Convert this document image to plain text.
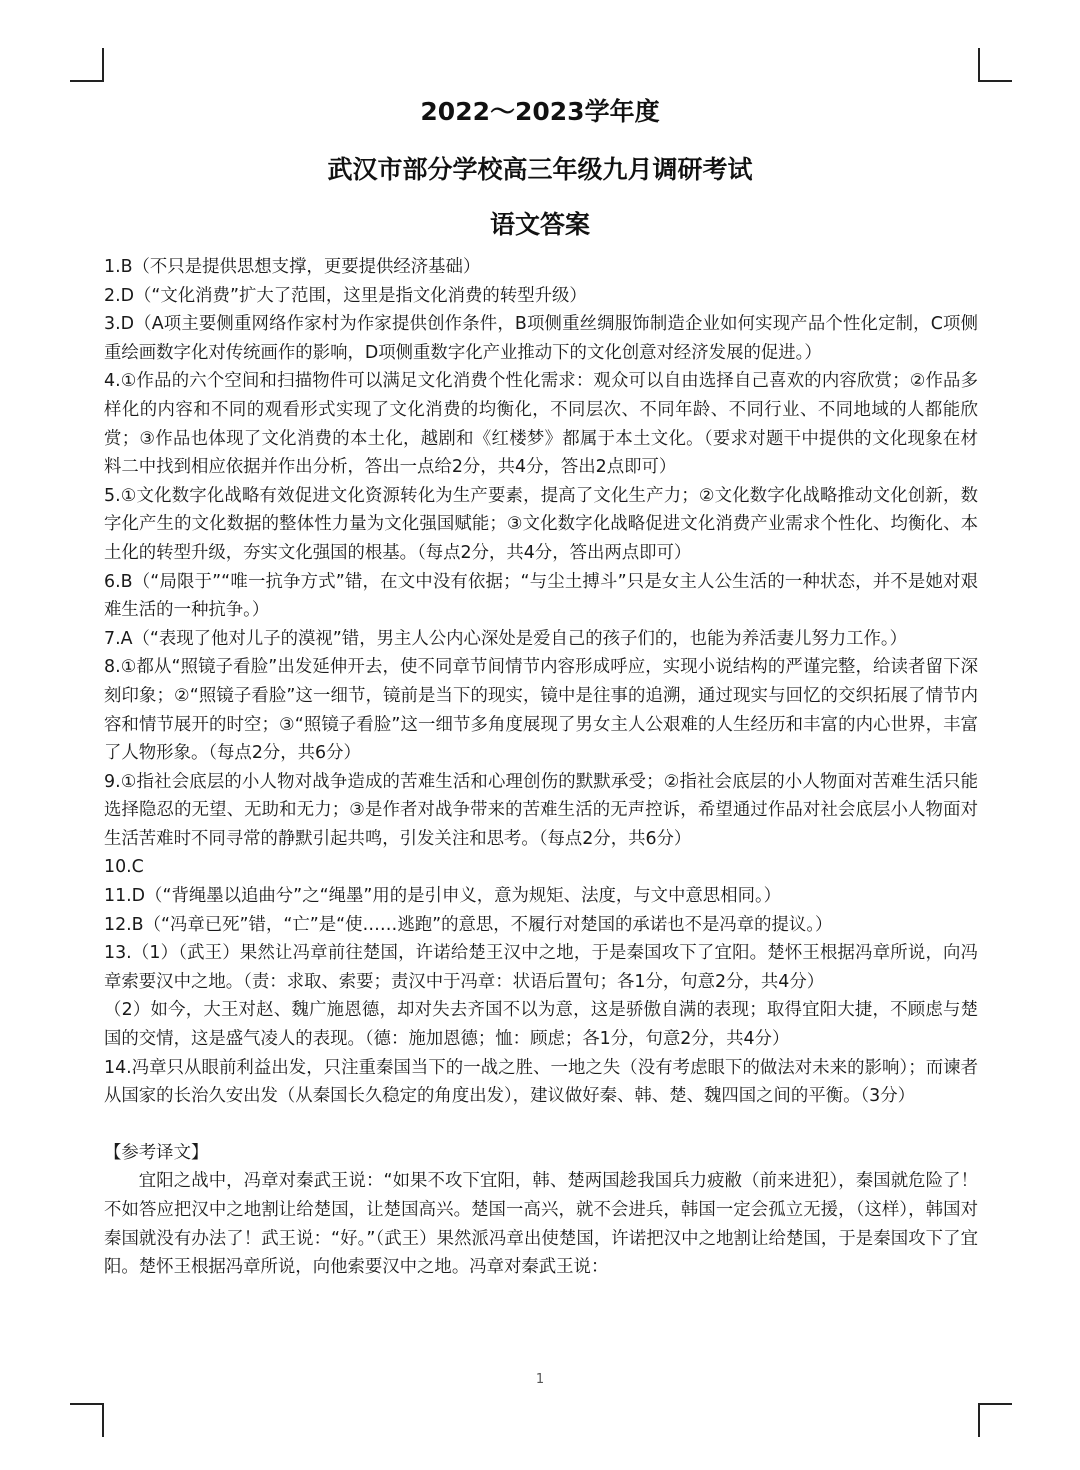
2022～2023学年度
武汉市部分学校高三年级九月调研考试
语文答案

1.B（不只是提供思想支撑，更要提供经济基础）

2.D（“文化消费”扩大了范围，这里是指文化消费的转型升级）

3.D（A项主要侧重网络作家村为作家提供创作条件，B项侧重丝绸服饰制造企业如何实现产品个性化定制，C项侧重绘画数字化对传统画作的影响，D项侧重数字化产业推动下的文化创意对经济发展的促进。）

4.①作品的六个空间和扫描物件可以满足文化消费个性化需求：观众可以自由选择自己喜欢的内容欣赏；②作品多样化的内容和不同的观看形式实现了文化消费的均衡化，不同层次、不同年龄、不同行业、不同地域的人都能欣赏；③作品也体现了文化消费的本土化，越剧和《红楼梦》都属于本土文化。（要求对题干中提供的文化现象在材料二中找到相应依据并作出分析，答出一点给2分，共4分，答出2点即可）

5.①文化数字化战略有效促进文化资源转化为生产要素，提高了文化生产力；②文化数字化战略推动文化创新，数字化产生的文化数据的整体性力量为文化强国赋能；③文化数字化战略促进文化消费产业需求个性化、均衡化、本土化的转型升级，夯实文化强国的根基。（每点2分，共4分，答出两点即可）

6.B（“局限于”“唯一抗争方式”错，在文中没有依据；“与尘土搏斗”只是女主人公生活的一种状态，并不是她对艰难生活的一种抗争。）

7.A（“表现了他对儿子的漠视”错，男主人公内心深处是爱自己的孩子们的，也能为养活妻儿努力工作。）

8.①都从“照镜子看脸”出发延伸开去，使不同章节间情节内容形成呼应，实现小说结构的严谨完整，给读者留下深刻印象；②“照镜子看脸”这一细节，镜前是当下的现实，镜中是往事的追溯，通过现实与回忆的交织拓展了情节内容和情节展开的时空；③“照镜子看脸”这一细节多角度展现了男女主人公艰难的人生经历和丰富的内心世界，丰富了人物形象。（每点2分，共6分）

9.①指社会底层的小人物对战争造成的苦难生活和心理创伤的默默承受；②指社会底层的小人物面对苦难生活只能选择隐忍的无望、无助和无力；③是作者对战争带来的苦难生活的无声控诉，希望通过作品对社会底层小人物面对生活苦难时不同寻常的静默引起共鸣，引发关注和思考。（每点2分，共6分）

10.C

11.D（“背绳墨以追曲兮”之“绳墨”用的是引申义，意为规矩、法度，与文中意思相同。）

12.B（“冯章已死”错，“亡”是“使……逃跑”的意思，不履行对楚国的承诺也不是冯章的提议。）

13.（1）（武王）果然让冯章前往楚国，许诺给楚王汉中之地，于是秦国攻下了宜阳。楚怀王根据冯章所说，向冯章索要汉中之地。（责：求取、索要；责汉中于冯章：状语后置句；各1分，句意2分，共4分）

（2）如今，大王对赵、魏广施恩德，却对失去齐国不以为意，这是骄傲自满的表现；取得宜阳大捷，不顾虑与楚国的交情，这是盛气凌人的表现。（德：施加恩德；恤：顾虑；各1分，句意2分，共4分）

14.冯章只从眼前利益出发，只注重秦国当下的一战之胜、一地之失（没有考虑眼下的做法对未来的影响）；而谏者从国家的长治久安出发（从秦国长久稳定的角度出发），建议做好秦、韩、楚、魏四国之间的平衡。（3分）

【参考译文】

宜阳之战中，冯章对秦武王说：“如果不攻下宜阳，韩、楚两国趁我国兵力疲敝（前来进犯），秦国就危险了！不如答应把汉中之地割让给楚国，让楚国高兴。楚国一高兴，就不会进兵，韩国一定会孤立无援，（这样），韩国对秦国就没有办法了！武王说：“好。”（武王）果然派冯章出使楚国，许诺把汉中之地割让给楚国，于是秦国攻下了宜阳。楚怀王根据冯章所说，向他索要汉中之地。冯章对秦武王说：

1
